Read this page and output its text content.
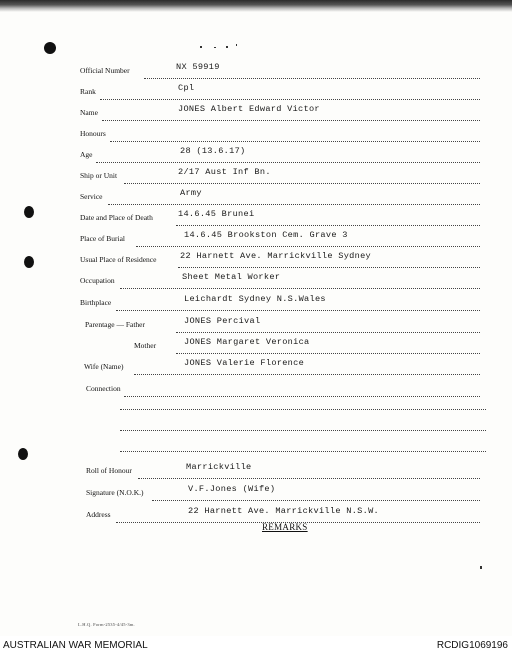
Official Number	NX 59919
Rank	Cpl
Name	JONES Albert Edward Victor
Honours
Age	28 (13.6.17)
Ship or Unit	2/17 Aust Inf Bn.
Service	Army
Date and Place of Death	14.6.45 Brunei
Place of Burial	14.6.45 Brookston Cem. Grave 3
Usual Place of Residence	22 Harnett Ave. Marrickville Sydney
Occupation	Sheet Metal Worker
Birthplace	Leichardt Sydney N.S.Wales
Parentage — Father	JONES Percival
Mother	JONES Margaret Veronica
Wife (Name)	JONES Valerie Florence
Connection
Roll of Honour	Marrickville
Signature (N.O.K.)	V.F.Jones (Wife)
Address	22 Harnett Ave. Marrickville N.S.W.
REMARKS
L.H.Q. Form-2535-4/45-3m.
AUSTRALIAN WAR MEMORIAL	RCDIG1069196
